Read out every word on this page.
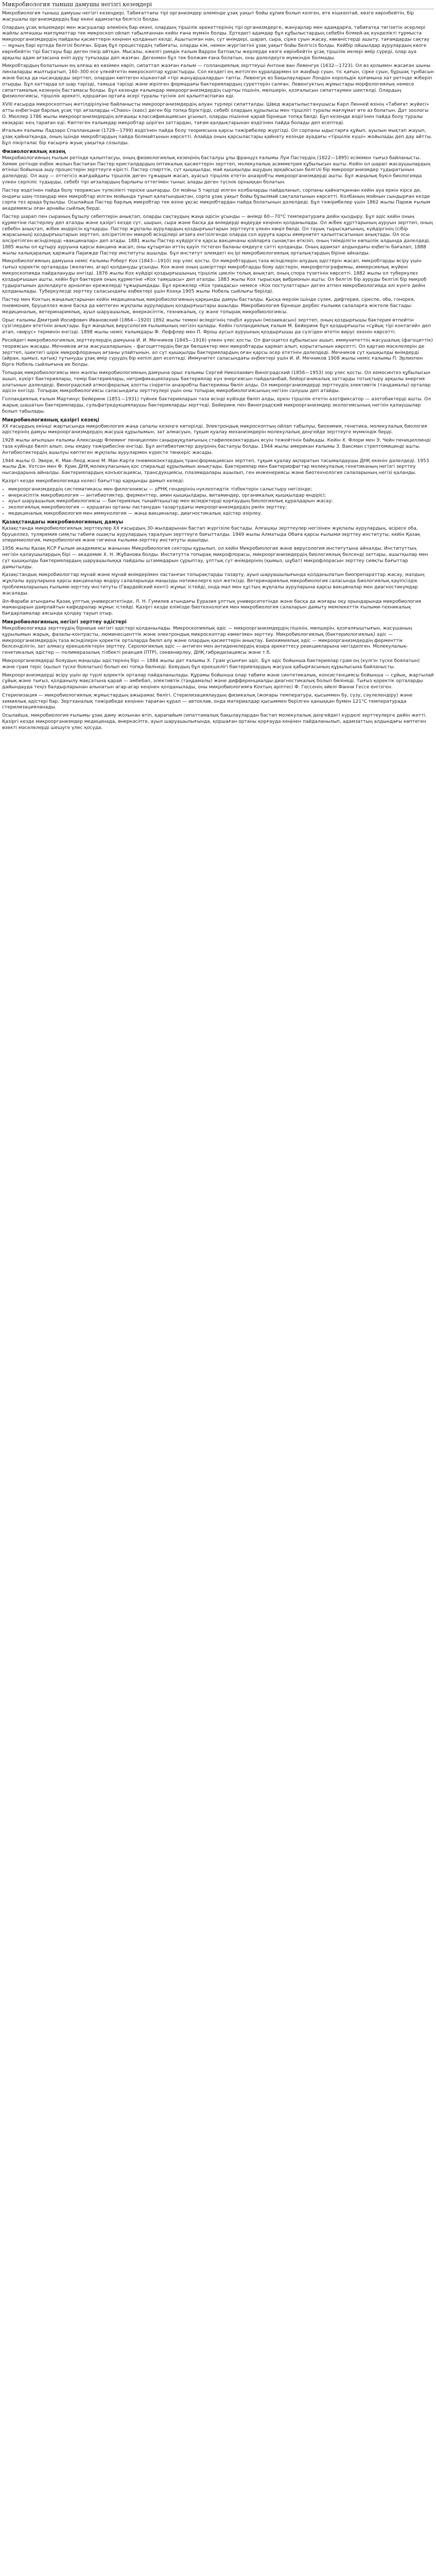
Микробиология тыныш дамушы негізгі кезеңдері

Микробиология тыныш дамушы негізгі кезеңдері. Табиғаттағы тірі организмдер әлемінде ұзақ уақыт бойы құпия болып келген, өте кішкентай, көзге көрінбейтін, бір жасушалы организмдердің бар екені адамзатқа белгісіз болды.

Олардың ұсақ өлшемдері мен жасушалар әлемінің бар екені, олардың тіршілік әрекеттерінің тірі организмдерге, жануарлар мен адамдарға, табиғатқа тигізетін әсерлері жайлы алғашқы мағлұматтар тек микроскоп ойлап табылғаннан кейін ғана мүмкін болды. Ертедегі адамдар бұл құбылыстардың себебін білмей-ақ күнделікті тұрмыста микроорганизмдердің пайдалы қасиеттерін кеңінен қолданып келді. Ашытылған нан, сүт өнімдері, шарап, сыра, сірке суын жасау, көкөністерді ашыту, тағамдарды сақтау — мұның бәрі ертеде белгілі болған. Бірақ бұл процестердің табиғаты, оларды кім, немен жүргізетіні ұзақ уақыт бойы белгісіз болды. Кейбір ойшылдар аурулардың көзге көрінбейтін тірі бастауы бар деген пікір айтқан. Мысалы, ежелгі римдік ғалым Варрон батпақты жерлерде көзге көрінбейтін ұсақ тіршілік иелері өмір сүреді, олар ауа арқылы адам ағзасына еніп ауру туғызады деп жазған. Дегенмен бұл тек болжам ғана болатын, оны дәлелдеуге мүмкіндік болмады.

Микробтардың болатынын ең алғаш өз көзімен көріп, сипаттап жазған ғалым — голландиялық зерттеуші Антони ван Левенгук (1632—1723). Ол өз қолымен жасаған шыны линзаларды жылтыратып, 160–300 есе үлкейтетін микроскоптар құрастырды. Сол кездегі ең жетілген құралдармен ол жаңбыр суын, тіс қағын, сірке суын, бұршақ тұнбасын және басқа да нысандарды зерттеп, олардан көптеген кішкентай «тірі жануаршаларды» тапты. Левенгук өз бақылауларын Лондон корольдік қоғамына хат ретінде жіберіп отырды. Бұл хаттарда ол шар тәрізді, таяқша тәрізді және иірілген формадағы бактериялардың суреттерін салған. Левенгуктың жұмыстары морфологиялық немесе сипаттамалық кезеңнің бастамасы болды. Бұл кезеңде ғалымдар микроорганизмдердің сыртқы пішінін, мөлшерін, қозғалысын сипаттаумен шектелді. Олардың физиологиясы, тіршілік әрекеті, қоршаған ортаға әсері туралы түсінік әлі қалыптаспаған еді.

XVIII ғасырда микроскоптың жетілдірілуіне байланысты микроорганизмдердің алуан түрлері сипатталды. Швед жаратылыстанушысы Карл Линней өзінің «Табиғат жүйесі» атты еңбегінде барлық ұсақ тірі ағзаларды «Chaos» (хаос) деген бір топқа біріктірді, себебі олардың құрылысы мен тіршілігі туралы мағлұмат өте аз болатын. Дат зоологы О. Мюллер 1786 жылы микроорганизмдердің алғашқы классификациясын ұсынып, оларды пішініне қарай бірнеше топқа бөлді. Бұл кезеңде өздігінен пайда болу туралы көзқарас кең тараған еді. Көптеген ғалымдар микробтар шіріген заттардан, тағам қалдықтарынан өздігінен пайда болады деп есептеді.

Итальян ғалымы Ладзаро Спалланцани (1729—1799) өздігінен пайда болу теориясына қарсы тәжірибелер жүргізді. Ол сорпаны ыдыстарға құйып, ауызын мықтап жауып, ұзақ қайнатқанда, оның ішінде микробтардың пайда болмайтынын көрсетті. Алайда оның қарсыластары қайнату кезінде ауадағы «тіршілік күші» жойылады деп дау айтты. Бұл пікірталас бір ғасырға жуық уақытқа созылды.

Физиологиялық кезең

Микробиологияның ғылым ретінде қалыптасуы, оның физиологиялық кезеңінің басталуы ұлы француз ғалымы Луи Пастердің (1822—1895) есімімен тығыз байланысты. Химик ретінде еңбек жолын бастаған Пастер кристалдардың оптикалық қасиеттерін зерттеп, молекулалық асимметрия құбылысын ашты. Кейін ол шарап жасаушылардың өтініші бойынша ашу процестерін зерттеуге кірісті. Пастер спирттік, сүт қышқылды, май қышқылды ашудың әрқайсысын белгілі бір микроорганизмдер тудыратынын дәлелдеді. Ол ашу — оттегісіз жағдайдағы тіршілік деген тұжырым жасап, ауасыз тіршілік ететін анаэробты микроорганизмдерді ашты. Бұл жаңалық бүкіл биологияда үлкен серпіліс тудырды, себебі тірі ағзалардың барлығы оттегімен тыныс алады деген түсінік орныққан болатын.

Пастер өздігінен пайда болу теориясын түпкілікті теріске шығарды. Ол мойны S тәрізді иілген колбаларды пайдаланып, сорпаны қайнатқаннан кейін ауа еркін кірсе де, ондағы шаң-тозаңдар мен микробтар иілген мойында тұнып қалатындықтан, сорпа ұзақ уақыт бойы бұзылмай сақталатынын көрсетті. Колбаның мойнын сындырған кезде сорпа тез арада бұзылды. Осылайша Пастер барлық микробтар тек өзіне ұқсас микробтардан пайда болатынын дәлелдеді. Бұл тәжірибелер үшін 1862 жылы Париж ғылым академиясы оған арнайы сыйлық берді.

Пастер шарап пен сыраның бұзылу себептерін анықтап, оларды сақтаудың жаңа әдісін ұсынды — өнімді 60—70°С температураға дейін қыздыру. Бұл әдіс кейін оның құрметіне пастерлеу деп аталды және қазіргі кезде сүт, шырын, сыра және басқа да өнімдерді өңдеуде кеңінен қолданылады. Ол жібек құрттарының ауруын зерттеп, оның себебін анықтап, жібек өндірісін құтқарды. Пастер жұқпалы аурулардың қоздырғыштарын зерттеуге үлкен көңіл бөлді. Ол тауық тырысқағының, күйдіргінің (сібір жарасының) қоздырғыштарын зерттеп, әлсіретілген микроб өсінділері ағзаға енгізілгенде оларда сол ауруға қарсы иммунитет қалыптасатынын анықтады. Ол осы әлсіретілген өсінділерді «вакциналар» деп атады. 1881 жылы Пастер күйдіргіге қарсы вакцинаны қойларға сынақтан өткізіп, оның тиімділігін көпшілік алдында дәлелдеді. 1885 жылы ол құтыру ауруына қарсы вакцина жасап, оны құтырған иттің қауіп тістеген баланы емдеуге сәтті қолданды. Оның адамзат алдындағы еңбегін бағалап, 1888 жылы халықаралық қаржыға Парижде Пастер институты ашылды. Бұл институт әлемдегі ең ірі микробиологиялық орталықтардың біріне айналды.

Микробиологияның дамуына неміс ғалымы Роберт Кох (1843—1910) зор үлес қосты. Ол микробтардың таза өсінділерін алудың әдістерін жасап, микробтарды өсіру үшін тығыз қоректік орталарды (желатин, агар) қолдануды ұсынды. Кох және оның шәкірттері микробтарды бояу әдістерін, микрофотографияны, иммерсиялық жүйені микроскопияда пайдалануды енгізді. 1876 жылы Кох күйдірі қоздырғышының тіршілік циклін толық анықтап, оның спора түзетінін көрсетті. 1882 жылы ол туберкулез қоздырғышын ашты, кейін бұл бактерия оның құрметіне «Кох таяқшасы» деп аталды. 1883 жылы Кох тырысқақ вибрионын ашты. Ол белгілі бір ауруды белгілі бір микроб тудыратынын дәлелдеуге арналған ережелерді тұжырымдады. Бұл ережелер «Кох триадасы» немесе «Кох постулаттары» деген атпен микробиологияда әлі күнге дейін қолданылады. Туберкулезді зерттеу саласындағы еңбектері үшін Кохқа 1905 жылы Нобель сыйлығы берілді.

Пастер мен Кохтың жаңалықтарынан кейін медициналық микробиологияның қарқынды дамуы басталды. Қысқа мерзім ішінде сүзек, дифтерия, сіреспе, оба, гонорея, пневмония, бруцеллез және басқа да көптеген жұқпалы аурулардың қоздырғыштары ашылды. Микробиология бірнеше дербес ғылыми салаларға жіктеле бастады: медициналық, ветеринариялық, ауыл шаруашылық, өнеркәсіптік, техникалық, су және топырақ микробиологиясы.

Орыс ғалымы Дмитрий Иосифович Ивановский (1864—1920) 1892 жылы темекі өсімдігінің теңбіл ауруын (мозаикасын) зерттеп, оның қоздырғышы бактерия өтпейтін сүзгілерден өтетінін анықтады. Бұл жаңалық вирусология ғылымының негізін қалады. Кейін голландиялық ғалым М. Бейеринк бұл қоздырғышты «сұйық тірі контагий» деп атап, «вирус» терминін енгізді. 1898 жылы неміс ғалымдары Ф. Леффлер мен П. Фрош аусыл ауруының қоздырғышы да сүзгіден өтетін вирус екенін көрсетті.

Ресейдегі микробиологиялық зерттеулердің дамуына И. И. Мечников (1845—1916) үлкен үлес қосты. Ол фагоцитоз құбылысын ашып, иммунитеттің жасушалық (фагоциттік) теориясын жасады. Мечников ағза жасушаларының – фагоциттердің бөгде бөлшектер мен микробтарды қармап алып, қорытатынын көрсетті. Ол қартаю мәселелерін де зерттеп, ішектегі шірік микрофлораның ағзаны улайтынын, ал сүт қышқылды бактериялардың оған қарсы әсер ететінін дәлелдеді. Мечников сүт қышқылды өнімдерді (айран, қымыз, қатық) тұтынуды ұзақ өмір сүрудің бір кепілі деп есептеді. Иммунитет саласындағы еңбектері үшін И. И. Мечников 1908 жылы неміс ғалымы П. Эрлихпен бірге Нобель сыйлығына ие болды.

Топырақ микробиологиясы мен жалпы микробиологияның дамуына орыс ғалымы Сергей Николаевич Виноградский (1856—1953) зор үлес қосты. Ол хемосинтез құбылысын ашып, күкірт бактериялары, темір бактериялары, нитрификациялаушы бактериялар күн энергиясын пайдаланбай, бейорганикалық заттарды тотықтыру арқылы энергия алатынын дәлелдеді. Виноградский атмосфералық азотты сіңіретін анаэробты бактерияны бөліп алды. Ол микроорганизмдерді зерттеудің элективтік (таңдамалы) орталар әдісін енгізді. Топырақ микробиологиясы саласындағы зерттеулері үшін оны топырақ микробиологиясының негізін салушы деп атайды.

Голландиялық ғалым Мартинус Бейеринк (1851—1931) түйнек бактерияларын таза өсінді күйінде бөліп алды, еркін тіршілік ететін азотфиксатор — азотобактерді ашты. Ол жарық шашатын бактерияларды, сульфатредукциялаушы бактерияларды зерттеді. Бейеринк пен Виноградский микроорганизмдер экологиясының негізін қалаушылар болып табылады.

Микробиологияның қазіргі кезеңі

ХХ ғасырдың екінші жартысында микробиология жаңа сапалы кезеңге көтерілді. Электрондық микроскоптың ойлап табылуы, биохимия, генетика, молекулалық биология әдістерінің дамуы микроорганизмдердің жасуша құрылымын, зат алмасуын, тұқым қуалау механизмдерін молекулалық деңгейде зерттеуге мүмкіндік берді.

1928 жылы ағылшын ғалымы Александр Флеминг пенициллин саңырауқұлағының стафилококктардың өсуін тежейтінін байқады. Кейін Х. Флори мен Э. Чейн пенициллинді таза күйінде бөліп алып, оны емдеу тәжірибесіне енгізді. Бұл антибиотиктер дәуірінің басталуы болды. 1944 жылы американ ғалымы З. Ваксман стрептомицинді ашты. Антибиотиктердің ашылуы көптеген жұқпалы аурулармен күресте төңкеріс жасады.

1944 жылы О. Эвери, К. Мак-Леод және М. Мак-Карти пневмококктардың трансформациясын зерттеп, тұқым қуалау ақпаратын тасымалдаушы ДНҚ екенін дәлелдеді. 1953 жылы Дж. Уотсон мен Ф. Крик ДНҚ молекуласының қос спиральді құрылымын анықтады. Бактериялар мен бактериофагтар молекулалық генетиканың негізгі зерттеу нысандарына айналды. Бактериялардың конъюгациясы, трансдукциясы, плазмидалары ашылып, ген инженериясы және биотехнология салаларының негізі қаланды.

Қазіргі кезде микробиологияда келесі бағыттар қарқынды дамып келеді:

• микроорганизмдердің систематикасы мен филогениясы — рРНҚ гендерінің нуклеотидтік тізбектерін салыстыру негізінде;
• өнеркәсіптік микробиология — антибиотиктер, ферменттер, амин қышқылдары, витаминдер, органикалық қышқылдар өндірісі;
• ауыл шаруашылық микробиологиясы — бактериялық тыңайтқыштар мен өсімдіктерді қорғаудың биологиялық құралдарын жасау;
• экологиялық микробиология — қоршаған ортаны ластанудан тазартудағы микроорганизмдердің рөлін зерттеу;
• медициналық микробиология мен иммунология — жаңа вакциналар, диагностикалық әдістер әзірлеу.
Қазақстандағы микробиологияның дамуы

Қазақстанда микробиологиялық зерттеулер XX ғасырдың 30-жылдарынан бастап жүргізіле бастады. Алғашқы зерттеулер негізінен жұқпалы аурулардың, әсіресе оба, бруцеллез, туляремия сияқты табиғи ошақты аурулардың таралуын зерттеуге бағытталды. 1949 жылы Алматыда Обаға қарсы ғылыми-зерттеу институты, кейін Қазақ эпидемиология, микробиология және гигиена ғылыми-зерттеу институты ашылды.

1956 жылы Қазақ КСР Ғылым академиясы жанынан Микробиология секторы құрылып, ол кейін Микробиология және вирусология институтына айналды. Институттың негізін қалаушылардың бірі — академик Х. Н. Жұбанова болды. Институтта топырақ микрофлорасы, микроорганизмдердің биологиялық белсенді заттары, ашытқылар мен сүт қышқылды бактериялардың шаруашылыққа пайдалы штаммдарын сұрыптау, ұлттық сүт өнімдерінің (қымыз, шұбат) микрофлорасын зерттеу сияқты бағыттар дамытылды.

Қазақстандық микробиологтар мұнай және мұнай өнімдерімен ластанған топырақтарды тазарту, ауыл шаруашылығында қолданылатын биопрепараттар жасау, малдың жұқпалы ауруларына қарсы вакциналар өндіру салаларында маңызды нәтижелерге қол жеткізді. Ветеринариялық микробиология саласында Биологиялық қауіпсіздік проблемаларының ғылыми-зерттеу институты (Гвардейский кенті) жұмыс істейді, онда мал мен құстың жұқпалы ауруларына қарсы вакциналар мен диагностикумдар жасалады.

Әл-Фараби атындағы Қазақ ұлттық университетінде, Л. Н. Гумилев атындағы Еуразия ұлттық университетінде және басқа да жоғары оқу орындарында микробиология мамандарын даярлайтын кафедралар жұмыс істейді. Қазіргі кезде елімізде биотехнология мен микробиология салаларын дамыту мемлекеттік ғылыми-техникалық бағдарламалар аясында қолдау тауып отыр.

Микробиологияның негізгі зерттеу әдістері

Микробиологияда зерттеудің бірнеше негізгі әдістері қолданылады. Микроскопиялық әдіс — микроорганизмдердің пішінін, мөлшерін, қозғалғыштығын, жасушаның құрылымын жарық, фазалы-контрасты, люминесценттік және электрондық микроскоптар көмегімен зерттеу. Микробиологиялық (бактериологиялық) әдіс — микроорганизмдердің таза өсінділерін қоректік орталарда бөліп алу және олардың қасиеттерін анықтау. Биохимиялық әдіс — микроорганизмдердің ферменттік белсенділігін, зат алмасу ерекшеліктерін зерттеу. Серологиялық әдіс — антиген мен антиденелердің өзара әрекеттесу реакцияларына негізделген. Молекулалық-генетикалық әдістер — полимеразалық тізбекті реакция (ПТР), секвенирлеу, ДНҚ гибридизациясы және т.б.

Микроорганизмдерді бояудың маңызды әдістерінің бірі — 1884 жылы дат ғалымы Х. Грам ұсынған әдіс. Бұл әдіс бойынша бактериялар грам оң (күлгін түске боялатын) және грам теріс (қызыл түске боялатын) болып екі топқа бөлінеді. Бояудың бұл ерекшелігі бактериялардың жасуша қабырғасының құрылысына байланысты.

Микроорганизмдерді өсіру үшін әр түрлі қоректік орталар пайдаланылады. Құрамы бойынша олар табиғи және синтетикалық, консистенциясы бойынша — сұйық, жартылай сұйық және тығыз, қолданылу мақсатына қарай — әмбебап, элективтік (таңдамалы) және дифференциалды-диагностикалық болып бөлінеді. Тығыз қоректік орталарды дайындауда теңіз балдырларынан алынатын агар-агар кеңінен қолданылады, оны микробиологияға Кохтың әріптесі Ф. Гессенің әйелі Фанни Гессе енгізген.

Стерилизация — микробиологиялық жұмыстардың ажырамас бөлігі. Стерилизациялаудың физикалық (жоғары температура, қысыммен бу, сүзу, сәулелендіру) және химиялық әдістері бар. Зертханалық тәжірибеде кеңінен тараған құрал — автоклав, онда материалдар қысыммен берілген қаныққан бумен 121°С температурада стерилизацияланады.

Осылайша, микробиология ғылымы ұзақ даму жолынан өтіп, қарапайым сипаттамалық бақылаулардан бастап молекулалық деңгейдегі күрделі зерттеулерге дейін жетті. Қазіргі кезде микроорганизмдер медицинада, өнеркәсіпте, ауыл шаруашылығында, қоршаған ортаны қорғауда кеңінен пайдаланылып, адамзаттың алдындағы көптеген өзекті мәселелерді шешуге үлес қосуда.
